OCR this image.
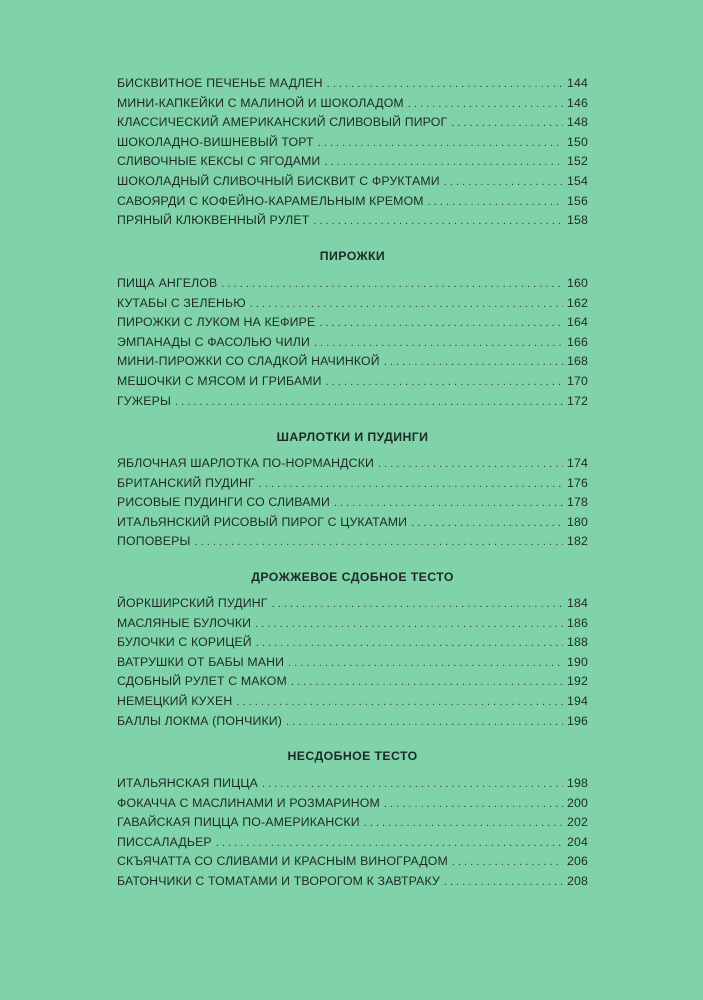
БИСКВИТНОЕ ПЕЧЕНЬЕ МАДЛЕН . . .	144
МИНИ-КАПКЕЙКИ С МАЛИНОЙ И ШОКОЛАДОМ . . .	146
КЛАССИЧЕСКИЙ АМЕРИКАНСКИЙ СЛИВОВЫЙ ПИРОГ . . .	148
ШОКОЛАДНО-ВИШНЕВЫЙ ТОРТ . . .	150
СЛИВОЧНЫЕ КЕКСЫ С ЯГОДАМИ . . .	152
ШОКОЛАДНЫЙ СЛИВОЧНЫЙ БИСКВИТ С ФРУКТАМИ . . .	154
САВОЯРДИ С КОФЕЙНО-КАРАМЕЛЬНЫМ КРЕМОМ . . .	156
ПРЯНЫЙ КЛЮКВЕННЫЙ РУЛЕТ . . .	158
ПИРОЖКИ
ПИЩА АНГЕЛОВ . . .	160
КУТАБЫ С ЗЕЛЕНЬЮ . . .	162
ПИРОЖКИ С ЛУКОМ НА КЕФИРЕ . . .	164
ЭМПАНАДЫ С ФАСОЛЬЮ ЧИЛИ . . .	166
МИНИ-ПИРОЖКИ СО СЛАДКОЙ НАЧИНКОЙ . . .	168
МЕШОЧКИ С МЯСОМ И ГРИБАМИ . . .	170
ГУЖЕРЫ . . .	172
ШАРЛОТКИ И ПУДИНГИ
ЯБЛОЧНАЯ ШАРЛОТКА ПО-НОРМАНДСКИ . . .	174
БРИТАНСКИЙ ПУДИНГ . . .	176
РИСОВЫЕ ПУДИНГИ СО СЛИВАМИ . . .	178
ИТАЛЬЯНСКИЙ РИСОВЫЙ ПИРОГ С ЦУКАТАМИ . . .	180
ПОПОВЕРЫ . . .	182
ДРОЖЖЕВОЕ СДОБНОЕ ТЕСТО
ЙОРКШИРСКИЙ ПУДИНГ . . .	184
МАСЛЯНЫЕ БУЛОЧКИ . . .	186
БУЛОЧКИ С КОРИЦЕЙ . . .	188
ВАТРУШКИ ОТ БАБЫ МАНИ . . .	190
СДОБНЫЙ РУЛЕТ С МАКОМ . . .	192
НЕМЕЦКИЙ КУХЕН . . .	194
БАЛЛЫ ЛОКМА (ПОНЧИКИ) . . .	196
НЕСДОБНОЕ ТЕСТО
ИТАЛЬЯНСКАЯ ПИЦЦА . . .	198
ФОКАЧЧА С МАСЛИНАМИ И РОЗМАРИНОМ . . .	200
ГАВАЙСКАЯ ПИЦЦА ПО-АМЕРИКАНСКИ . . .	202
ПИССАЛАДЬЕР . . .	204
СКЪЯЧАТТА СО СЛИВАМИ И КРАСНЫМ ВИНОГРАДОМ . . .	206
БАТОНЧИКИ С ТОМАТАМИ И ТВОРОГОМ К ЗАВТРАКУ . . .	208
